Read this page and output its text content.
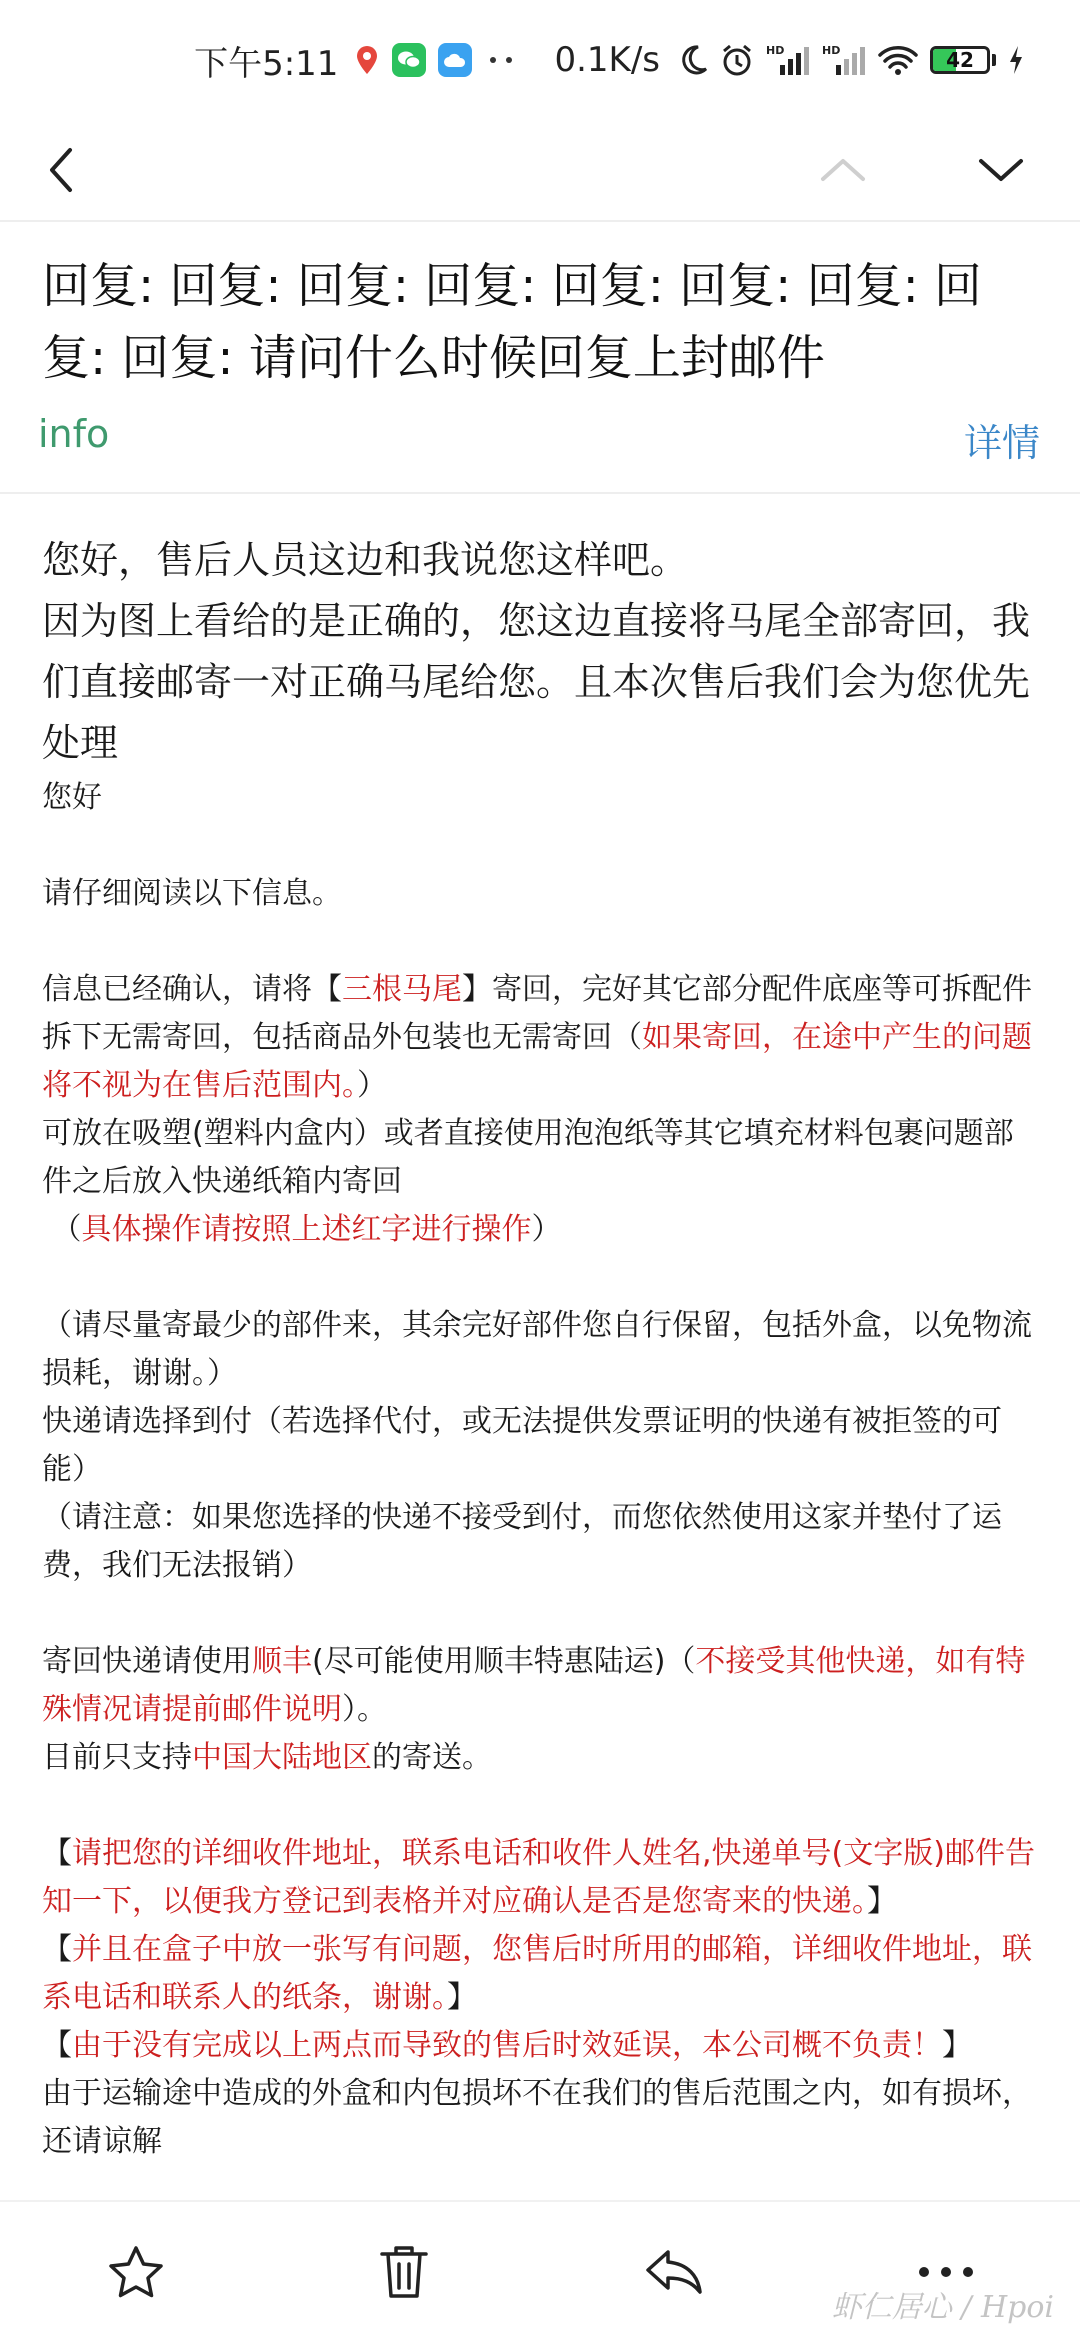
下午5:11	0.1K/s	HD	HD	42
回复: 回复: 回复: 回复: 回复: 回复: 回复: 回复: 回复: 请问什么时候回复上封邮件
info	详情

您好，售后人员这边和我说您这样吧。

因为图上看给的是正确的，您这边直接将马尾全部寄回，我们直接邮寄一对正确马尾给您。且本次售后我们会为您优先处理

您好

请仔细阅读以下信息。

信息已经确认，请将【三根马尾】寄回，完好其它部分配件底座等可拆配件拆下无需寄回，包括商品外包装也无需寄回（如果寄回，在途中产生的问题将不视为在售后范围内。）

可放在吸塑(塑料内盒内）或者直接使用泡泡纸等其它填充材料包裹问题部件之后放入快递纸箱内寄回

（具体操作请按照上述红字进行操作）

（请尽量寄最少的部件来，其余完好部件您自行保留，包括外盒，以免物流损耗，谢谢。）

快递请选择到付（若选择代付，或无法提供发票证明的快递有被拒签的可能）

（请注意：如果您选择的快递不接受到付，而您依然使用这家并垫付了运费，我们无法报销）

寄回快递请使用顺丰(尽可能使用顺丰特惠陆运)（不接受其他快递，如有特殊情况请提前邮件说明）。

目前只支持中国大陆地区的寄送。

【请把您的详细收件地址，联系电话和收件人姓名,快递单号(文字版)邮件告知一下，以便我方登记到表格并对应确认是否是您寄来的快递。】

【并且在盒子中放一张写有问题，您售后时所用的邮箱，详细收件地址，联系电话和联系人的纸条，谢谢。】

【由于没有完成以上两点而导致的售后时效延误，本公司概不负责！】

由于运输途中造成的外盒和内包损坏不在我们的售后范围之内，如有损坏，还请谅解

虾仁居心 / Hpoi
